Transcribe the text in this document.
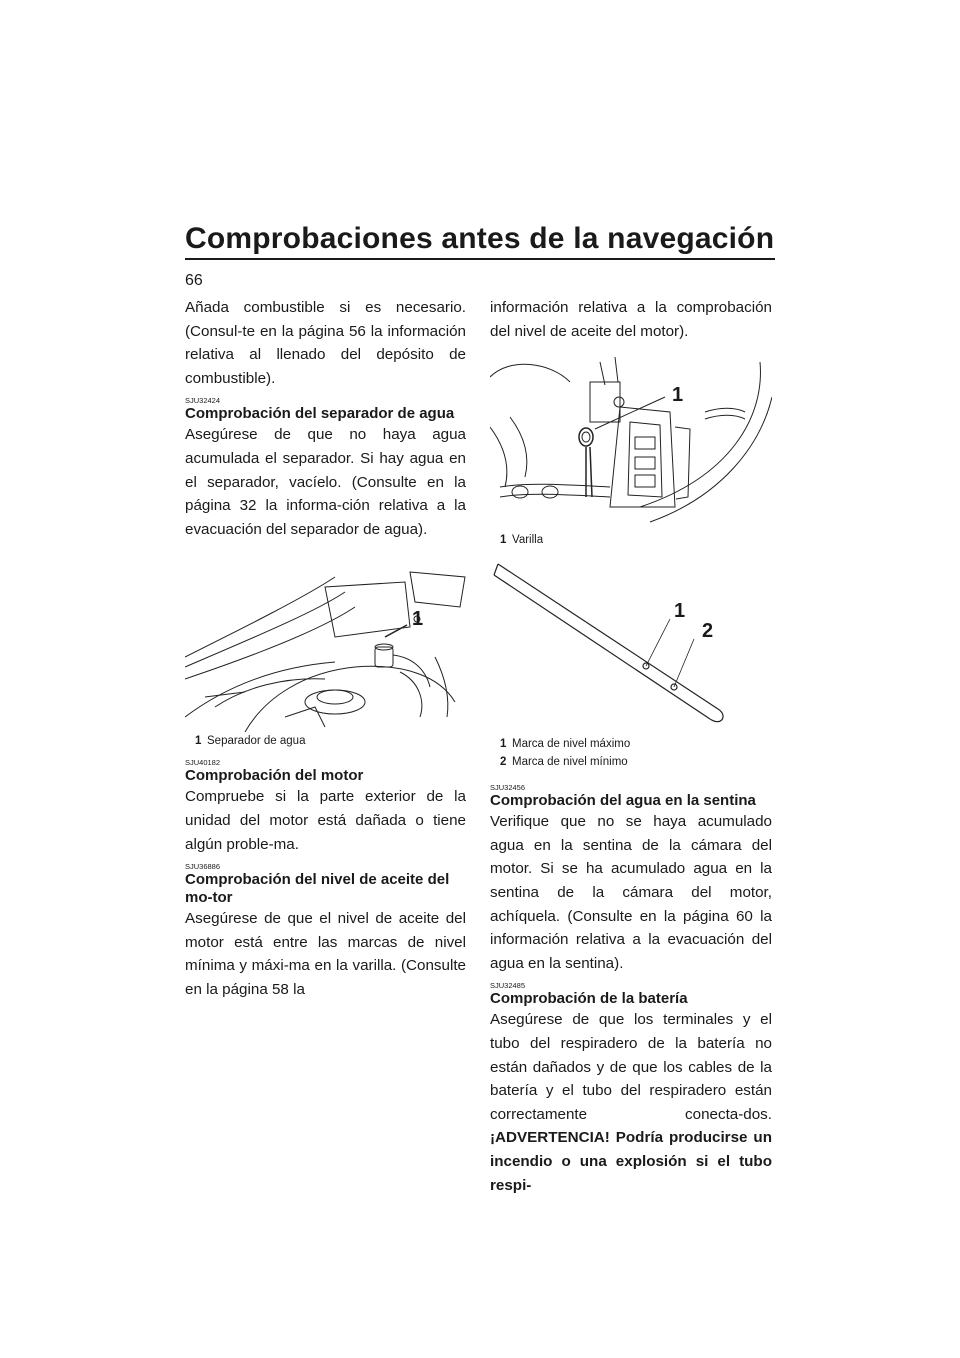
Comprobaciones antes de la navegación
66

Añada combustible si es necesario. (Consul-te en la página 56 la información relativa al llenado del depósito de combustible).

SJU32424
Comprobación del separador de agua

Asegúrese de que no haya agua acumulada el separador. Si hay agua en el separador, vacíelo. (Consulte en la página 32 la informa-ción relativa a la evacuación del separador de agua).

1
1 Separador de agua
SJU40182
Comprobación del motor

Compruebe si la parte exterior de la unidad del motor está dañada o tiene algún proble-ma.

SJU36886
Comprobación del nivel de aceite del mo-tor

Asegúrese de que el nivel de aceite del motor está entre las marcas de nivel mínima y máxi-ma en la varilla. (Consulte en la página 58 la

información relativa a la comprobación del nivel de aceite del motor).

1
1 Varilla
1
2
1 Marca de nivel máximo
2 Marca de nivel mínimo
SJU32456
Comprobación del agua en la sentina

Verifique que no se haya acumulado agua en la sentina de la cámara del motor. Si se ha acumulado agua en la sentina de la cámara del motor, achíquela. (Consulte en la página 60 la información relativa a la evacuación del agua en la sentina).

SJU32485
Comprobación de la batería

Asegúrese de que los terminales y el tubo del respiradero de la batería no están dañados y de que los cables de la batería y el tubo del respiradero están correctamente conecta-dos. ¡ADVERTENCIA! Podría producirse un incendio o una explosión si el tubo respi-
